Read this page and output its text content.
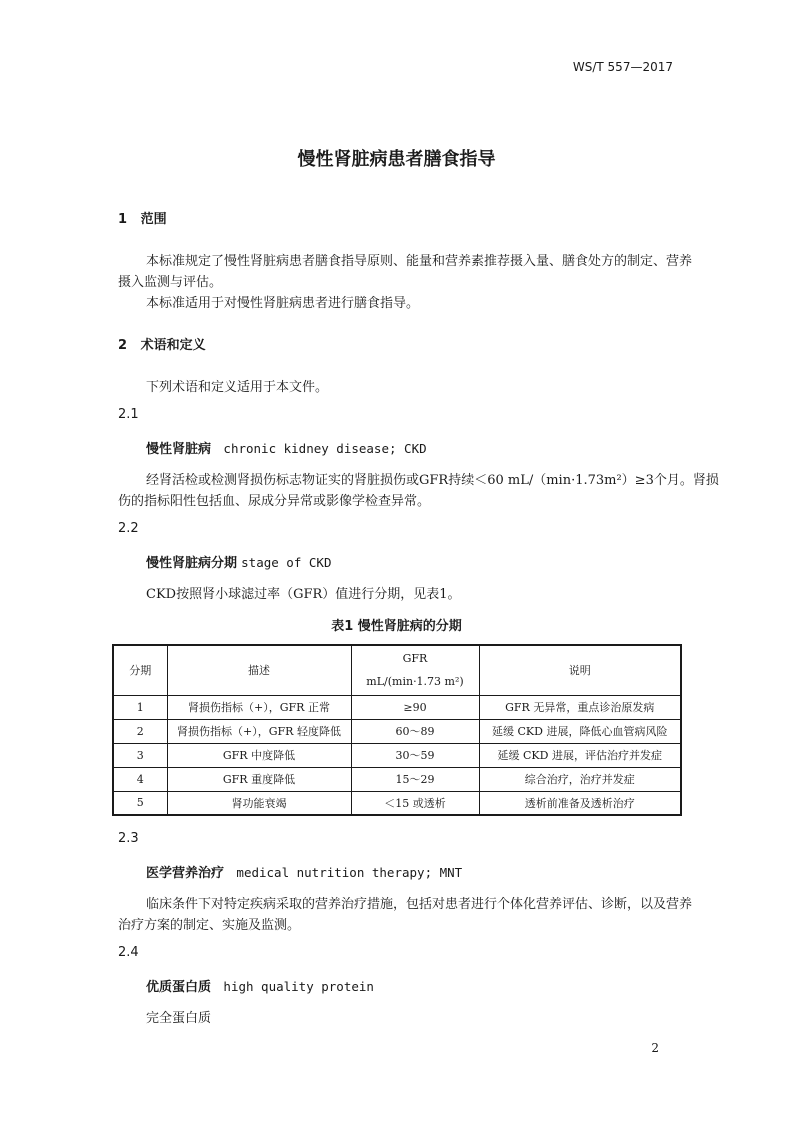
WS/T 557—2017
慢性肾脏病患者膳食指导
1 范围
本标准规定了慢性肾脏病患者膳食指导原则、能量和营养素推荐摄入量、膳食处方的制定、营养
摄入监测与评估。
本标准适用于对慢性肾脏病患者进行膳食指导。
2 术语和定义
下列术语和定义适用于本文件。
2.1
慢性肾脏病 chronic kidney disease; CKD
经肾活检或检测肾损伤标志物证实的肾脏损伤或GFR持续＜60 mL/（min·1.73m²）≥3个月。肾损
伤的指标阳性包括血、尿成分异常或影像学检查异常。
2.2
慢性肾脏病分期 stage of CKD
CKD按照肾小球滤过率（GFR）值进行分期，见表1。
表1 慢性肾脏病的分期
分期	描述	GFR
mL/(min·1.73 m²)	说明
1	肾损伤指标（+），GFR 正常	≥90	GFR 无异常，重点诊治原发病
2	肾损伤指标（+），GFR 轻度降低	60～89	延缓 CKD 进展，降低心血管病风险
3	GFR 中度降低	30～59	延缓 CKD 进展，评估治疗并发症
4	GFR 重度降低	15～29	综合治疗，治疗并发症
5	肾功能衰竭	＜15 或透析	透析前准备及透析治疗
2.3
医学营养治疗 medical nutrition therapy; MNT
临床条件下对特定疾病采取的营养治疗措施，包括对患者进行个体化营养评估、诊断，以及营养
治疗方案的制定、实施及监测。
2.4
优质蛋白质 high quality protein
完全蛋白质
2
